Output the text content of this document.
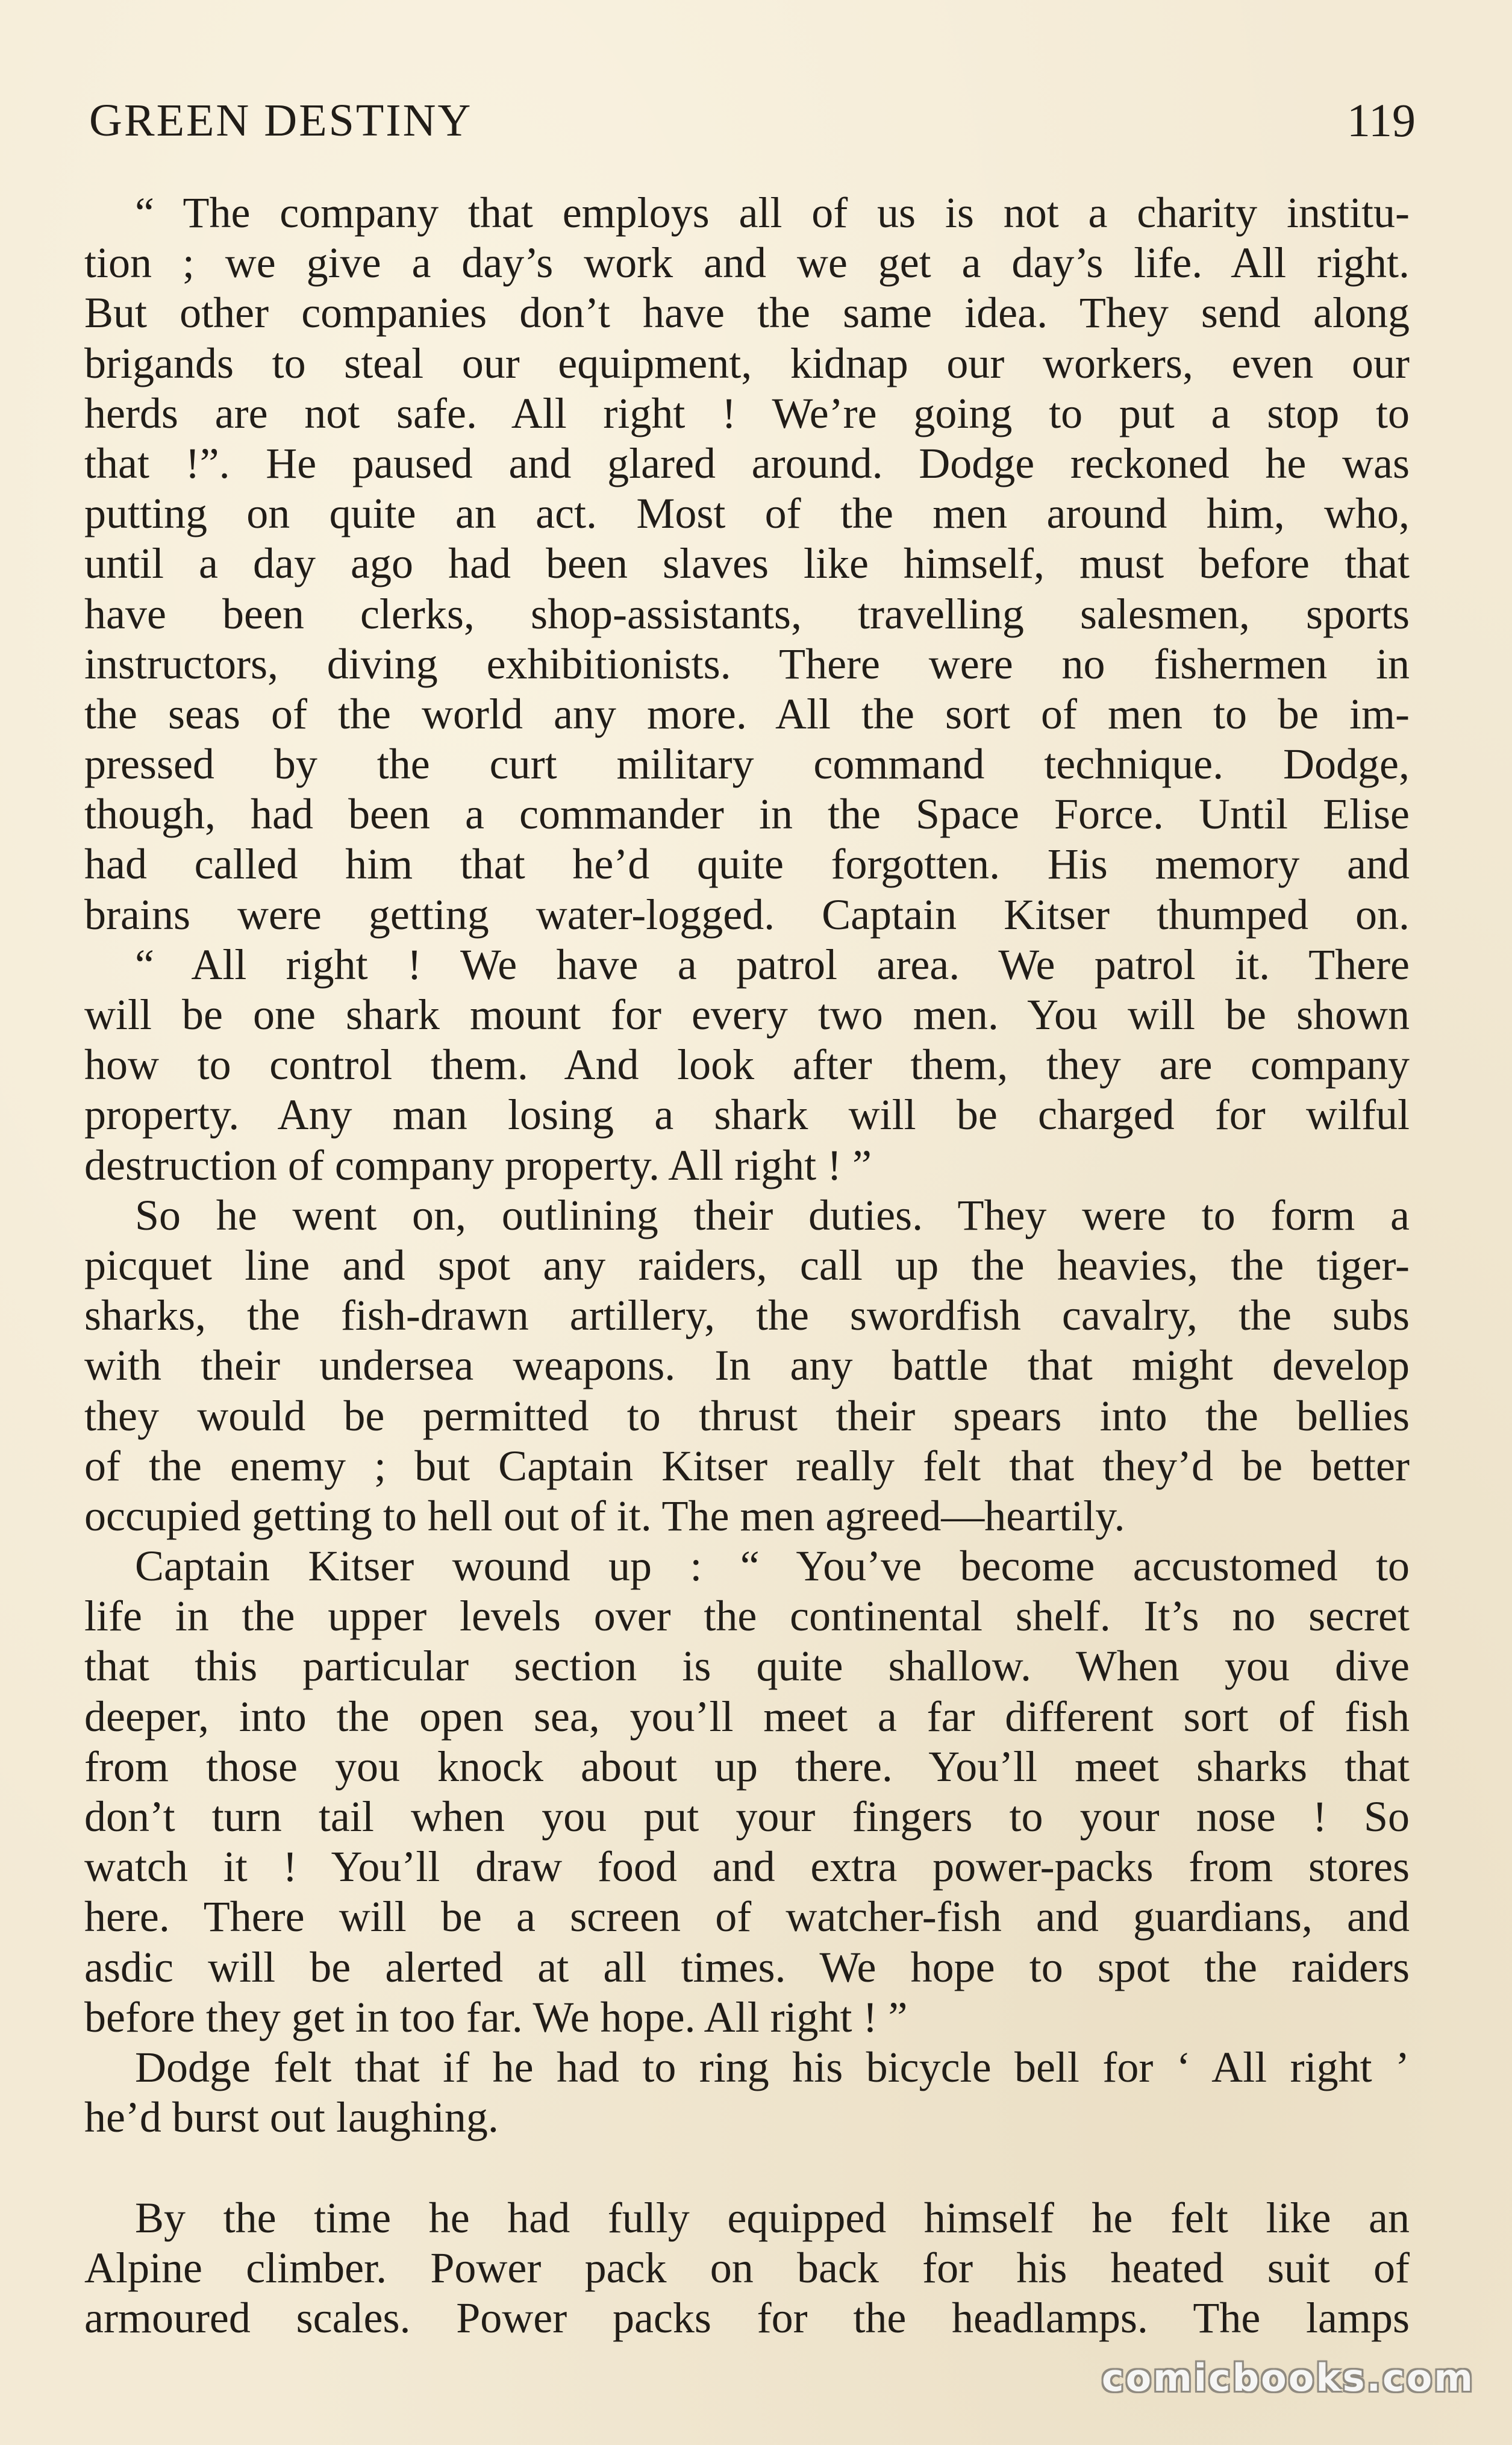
GREEN DESTINY	119
“ The company that employs all of us is not a charity institu-
tion ; we give a day’s work and we get a day’s life. All right.
But other companies don’t have the same idea. They send along
brigands to steal our equipment, kidnap our workers, even our
herds are not safe. All right ! We’re going to put a stop to
that !”. He paused and glared around. Dodge reckoned he was
putting on quite an act. Most of the men around him, who,
until a day ago had been slaves like himself, must before that
have been clerks, shop-assistants, travelling salesmen, sports
instructors, diving exhibitionists. There were no fishermen in
the seas of the world any more. All the sort of men to be im-
pressed by the curt military command technique. Dodge,
though, had been a commander in the Space Force. Until Elise
had called him that he’d quite forgotten. His memory and
brains were getting water-logged. Captain Kitser thumped on.
“ All right ! We have a patrol area. We patrol it. There
will be one shark mount for every two men. You will be shown
how to control them. And look after them, they are company
property. Any man losing a shark will be charged for wilful
destruction of company property. All right ! ”
So he went on, outlining their duties. They were to form a
picquet line and spot any raiders, call up the heavies, the tiger-
sharks, the fish-drawn artillery, the swordfish cavalry, the subs
with their undersea weapons. In any battle that might develop
they would be permitted to thrust their spears into the bellies
of the enemy ; but Captain Kitser really felt that they’d be better
occupied getting to hell out of it. The men agreed—heartily.
Captain Kitser wound up : “ You’ve become accustomed to
life in the upper levels over the continental shelf. It’s no secret
that this particular section is quite shallow. When you dive
deeper, into the open sea, you’ll meet a far different sort of fish
from those you knock about up there. You’ll meet sharks that
don’t turn tail when you put your fingers to your nose ! So
watch it ! You’ll draw food and extra power-packs from stores
here. There will be a screen of watcher-fish and guardians, and
asdic will be alerted at all times. We hope to spot the raiders
before they get in too far. We hope. All right ! ”
Dodge felt that if he had to ring his bicycle bell for ‘ All right ’
he’d burst out laughing.
By the time he had fully equipped himself he felt like an
Alpine climber. Power pack on back for his heated suit of
armoured scales. Power packs for the headlamps. The lamps
comicbooks.com
